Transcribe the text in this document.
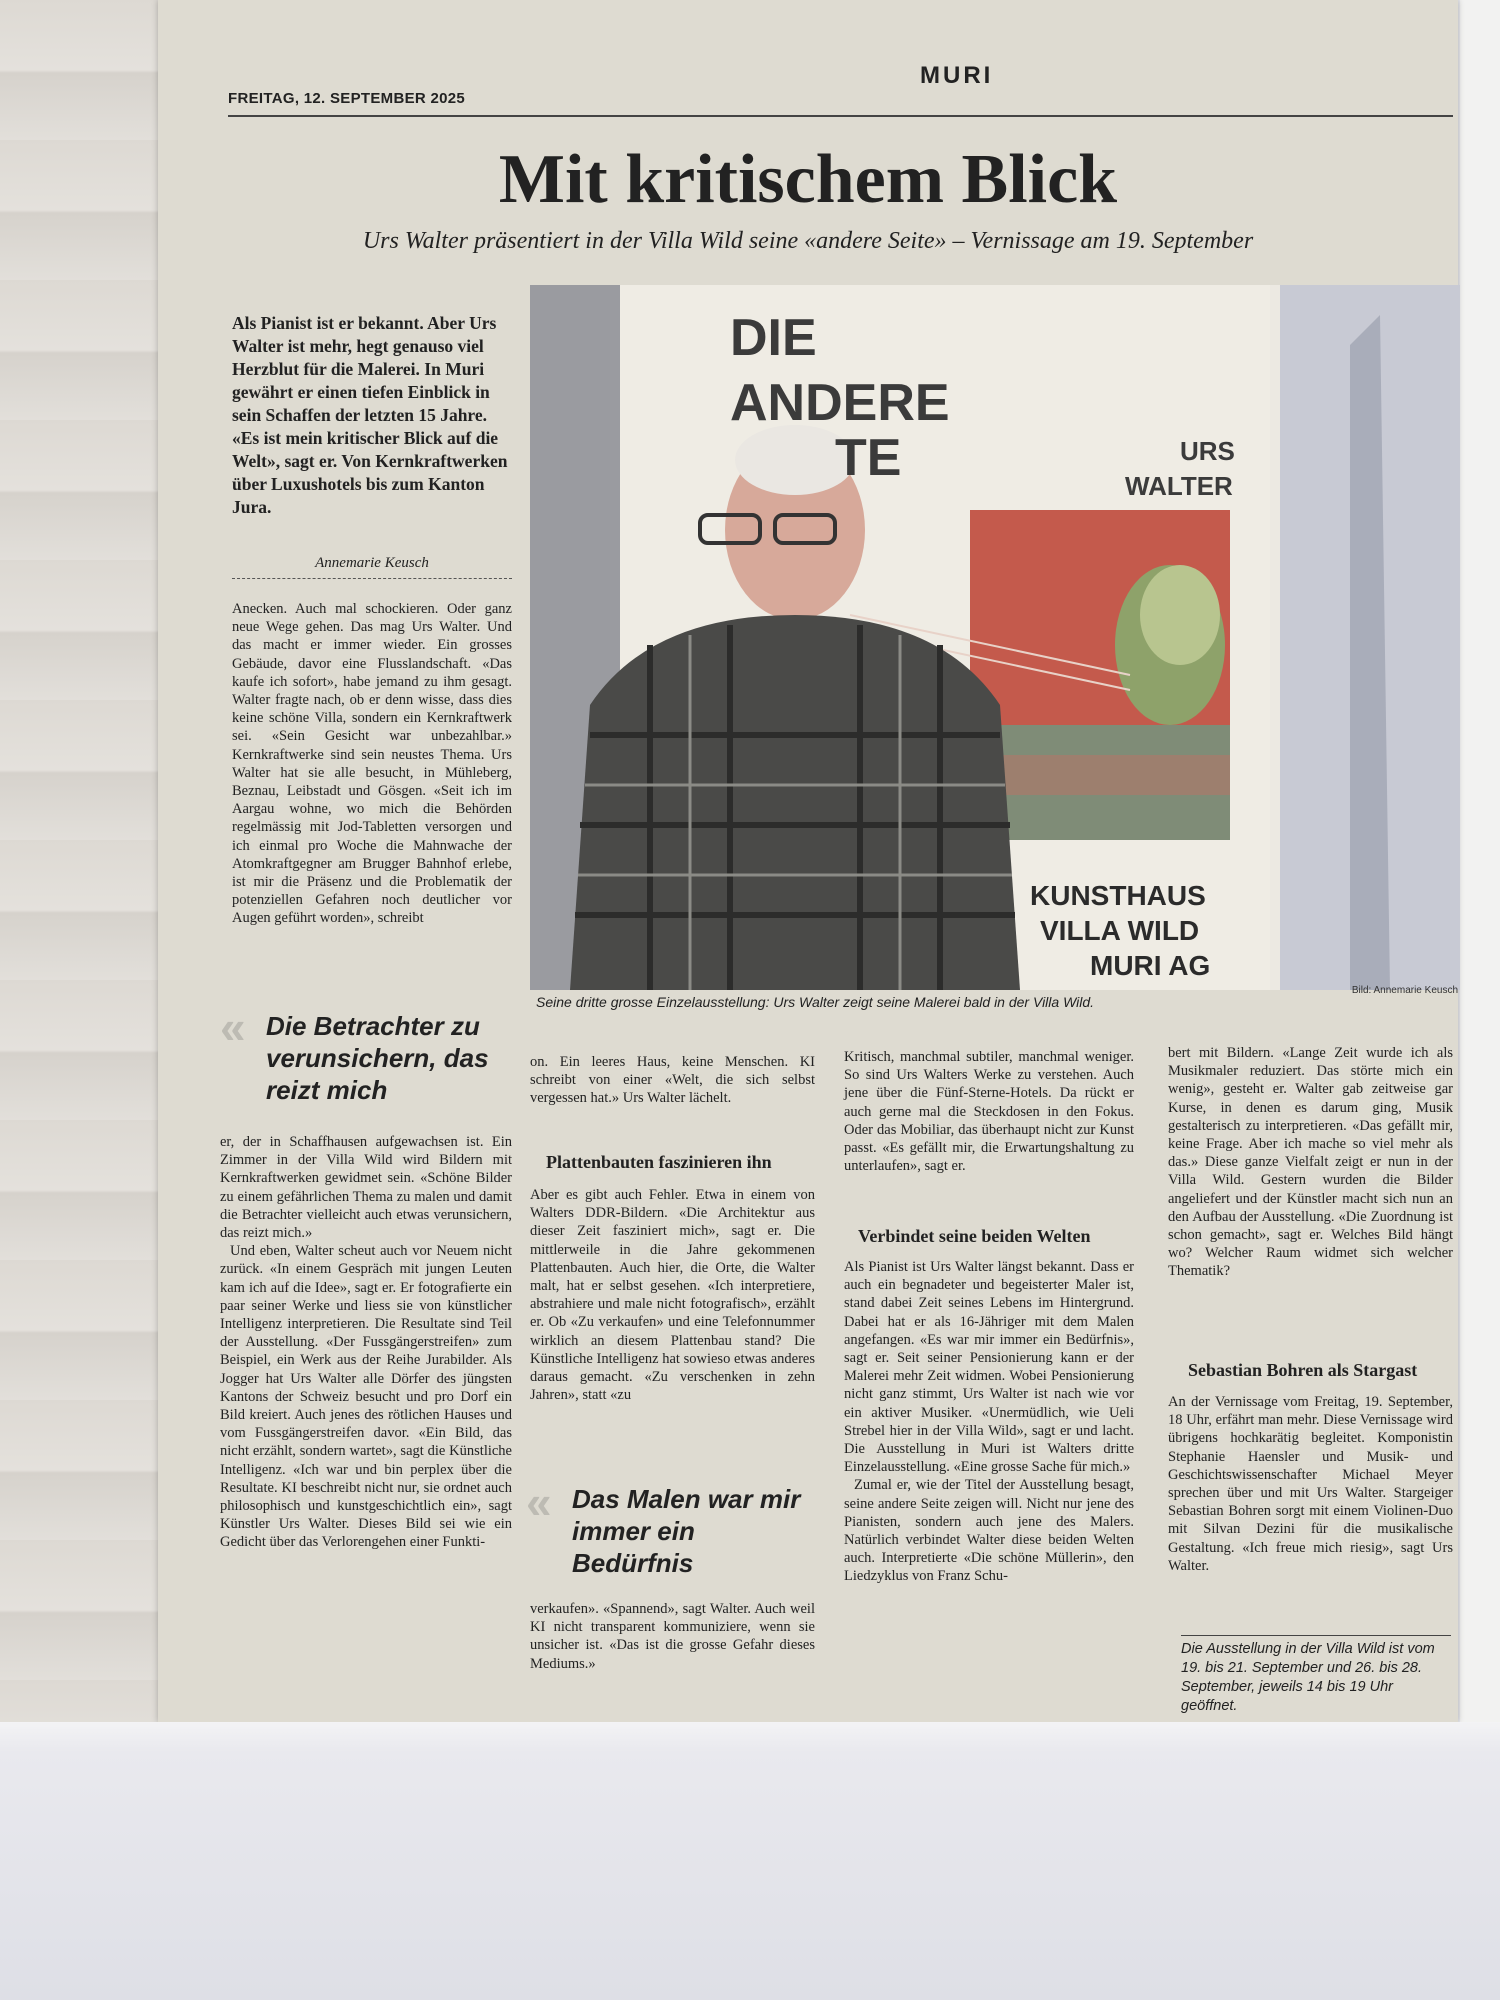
FREITAG, 12. SEPTEMBER 2025
MURI
Mit kritischem Blick
Urs Walter präsentiert in der Villa Wild seine «andere Seite» – Vernissage am 19. September
Als Pianist ist er bekannt. Aber Urs Walter ist mehr, hegt genauso viel Herzblut für die Malerei. In Muri gewährt er einen tiefen Einblick in sein Schaffen der letzten 15 Jahre. «Es ist mein kritischer Blick auf die Welt», sagt er. Von Kernkraftwerken über Luxushotels bis zum Kanton Jura.
Annemarie Keusch

Anecken. Auch mal schockieren. Oder ganz neue Wege gehen. Das mag Urs Walter. Und das macht er immer wieder. Ein grosses Gebäude, davor eine Flusslandschaft. «Das kaufe ich sofort», habe jemand zu ihm gesagt. Walter fragte nach, ob er denn wisse, dass dies keine schöne Villa, sondern ein Kernkraftwerk sei. «Sein Gesicht war unbezahlbar.» Kernkraftwerke sind sein neustes Thema. Urs Walter hat sie alle besucht, in Mühleberg, Beznau, Leibstadt und Gösgen. «Seit ich im Aargau wohne, wo mich die Behörden regelmässig mit Jod-Tabletten versorgen und ich einmal pro Woche die Mahnwache der Atomkraftgegner am Brugger Bahnhof erlebe, ist mir die Präsenz und die Problematik der potenziellen Gefahren noch deutlicher vor Augen geführt worden», schreibt

« Die Betrachter zu verunsichern, das reizt mich

er, der in Schaffhausen aufgewachsen ist. Ein Zimmer in der Villa Wild wird Bildern mit Kernkraftwerken gewidmet sein. «Schöne Bilder zu einem gefährlichen Thema zu malen und damit die Betrachter vielleicht auch etwas verunsichern, das reizt mich.»

Und eben, Walter scheut auch vor Neuem nicht zurück. «In einem Gespräch mit jungen Leuten kam ich auf die Idee», sagt er. Er fotografierte ein paar seiner Werke und liess sie von künstlicher Intelligenz interpretieren. Die Resultate sind Teil der Ausstellung. «Der Fussgängerstreifen» zum Beispiel, ein Werk aus der Reihe Jurabilder. Als Jogger hat Urs Walter alle Dörfer des jüngsten Kantons der Schweiz besucht und pro Dorf ein Bild kreiert. Auch jenes des rötlichen Hauses und vom Fussgängerstreifen davor. «Ein Bild, das nicht erzählt, sondern wartet», sagt die Künstliche Intelligenz. «Ich war und bin perplex über die Resultate. KI beschreibt nicht nur, sie ordnet auch philosophisch und kunstgeschichtlich ein», sagt Künstler Urs Walter. Dieses Bild sei wie ein Gedicht über das Verlorengehen einer Funkti-

DIE
ANDERE
TE	URS
WALTER
KUNSTHAUS
VILLA WILD
MURI AG
Seine dritte grosse Einzelausstellung: Urs Walter zeigt seine Malerei bald in der Villa Wild.
Bild: Annemarie Keusch

on. Ein leeres Haus, keine Menschen. KI schreibt von einer «Welt, die sich selbst vergessen hat.» Urs Walter lächelt.

Plattenbauten faszinieren ihn

Aber es gibt auch Fehler. Etwa in einem von Walters DDR-Bildern. «Die Architektur aus dieser Zeit fasziniert mich», sagt er. Die mittlerweile in die Jahre gekommenen Plattenbauten. Auch hier, die Orte, die Walter malt, hat er selbst gesehen. «Ich interpretiere, abstrahiere und male nicht fotografisch», erzählt er. Ob «Zu verkaufen» und eine Telefonnummer wirklich an diesem Plattenbau stand? Die Künstliche Intelligenz hat sowieso etwas anderes daraus gemacht. «Zu verschenken in zehn Jahren», statt «zu

« Das Malen war mir immer ein Bedürfnis

verkaufen». «Spannend», sagt Walter. Auch weil KI nicht transparent kommuniziere, wenn sie unsicher ist. «Das ist die grosse Gefahr dieses Mediums.»

Kritisch, manchmal subtiler, manchmal weniger. So sind Urs Walters Werke zu verstehen. Auch jene über die Fünf-Sterne-Hotels. Da rückt er auch gerne mal die Steckdosen in den Fokus. Oder das Mobiliar, das überhaupt nicht zur Kunst passt. «Es gefällt mir, die Erwartungshaltung zu unterlaufen», sagt er.

Verbindet seine beiden Welten

Als Pianist ist Urs Walter längst bekannt. Dass er auch ein begnadeter und begeisterter Maler ist, stand dabei Zeit seines Lebens im Hintergrund. Dabei hat er als 16-Jähriger mit dem Malen angefangen. «Es war mir immer ein Bedürfnis», sagt er. Seit seiner Pensionierung kann er der Malerei mehr Zeit widmen. Wobei Pensionierung nicht ganz stimmt, Urs Walter ist nach wie vor ein aktiver Musiker. «Unermüdlich, wie Ueli Strebel hier in der Villa Wild», sagt er und lacht. Die Ausstellung in Muri ist Walters dritte Einzelausstellung. «Eine grosse Sache für mich.»

Zumal er, wie der Titel der Ausstellung besagt, seine andere Seite zeigen will. Nicht nur jene des Pianisten, sondern auch jene des Malers. Natürlich verbindet Walter diese beiden Welten auch. Interpretierte «Die schöne Müllerin», den Liedzyklus von Franz Schu-

bert mit Bildern. «Lange Zeit wurde ich als Musikmaler reduziert. Das störte mich ein wenig», gesteht er. Walter gab zeitweise gar Kurse, in denen es darum ging, Musik gestalterisch zu interpretieren. «Das gefällt mir, keine Frage. Aber ich mache so viel mehr als das.» Diese ganze Vielfalt zeigt er nun in der Villa Wild. Gestern wurden die Bilder angeliefert und der Künstler macht sich nun an den Aufbau der Ausstellung. «Die Zuordnung ist schon gemacht», sagt er. Welches Bild hängt wo? Welcher Raum widmet sich welcher Thematik?

Sebastian Bohren als Stargast

An der Vernissage vom Freitag, 19. September, 18 Uhr, erfährt man mehr. Diese Vernissage wird übrigens hochkarätig begleitet. Komponistin Stephanie Haensler und Musik- und Geschichtswissenschafter Michael Meyer sprechen über und mit Urs Walter. Stargeiger Sebastian Bohren sorgt mit einem Violinen-Duo mit Silvan Dezini für die musikalische Gestaltung. «Ich freue mich riesig», sagt Urs Walter.

Die Ausstellung in der Villa Wild ist vom 19. bis 21. September und 26. bis 28. September, jeweils 14 bis 19 Uhr geöffnet.
